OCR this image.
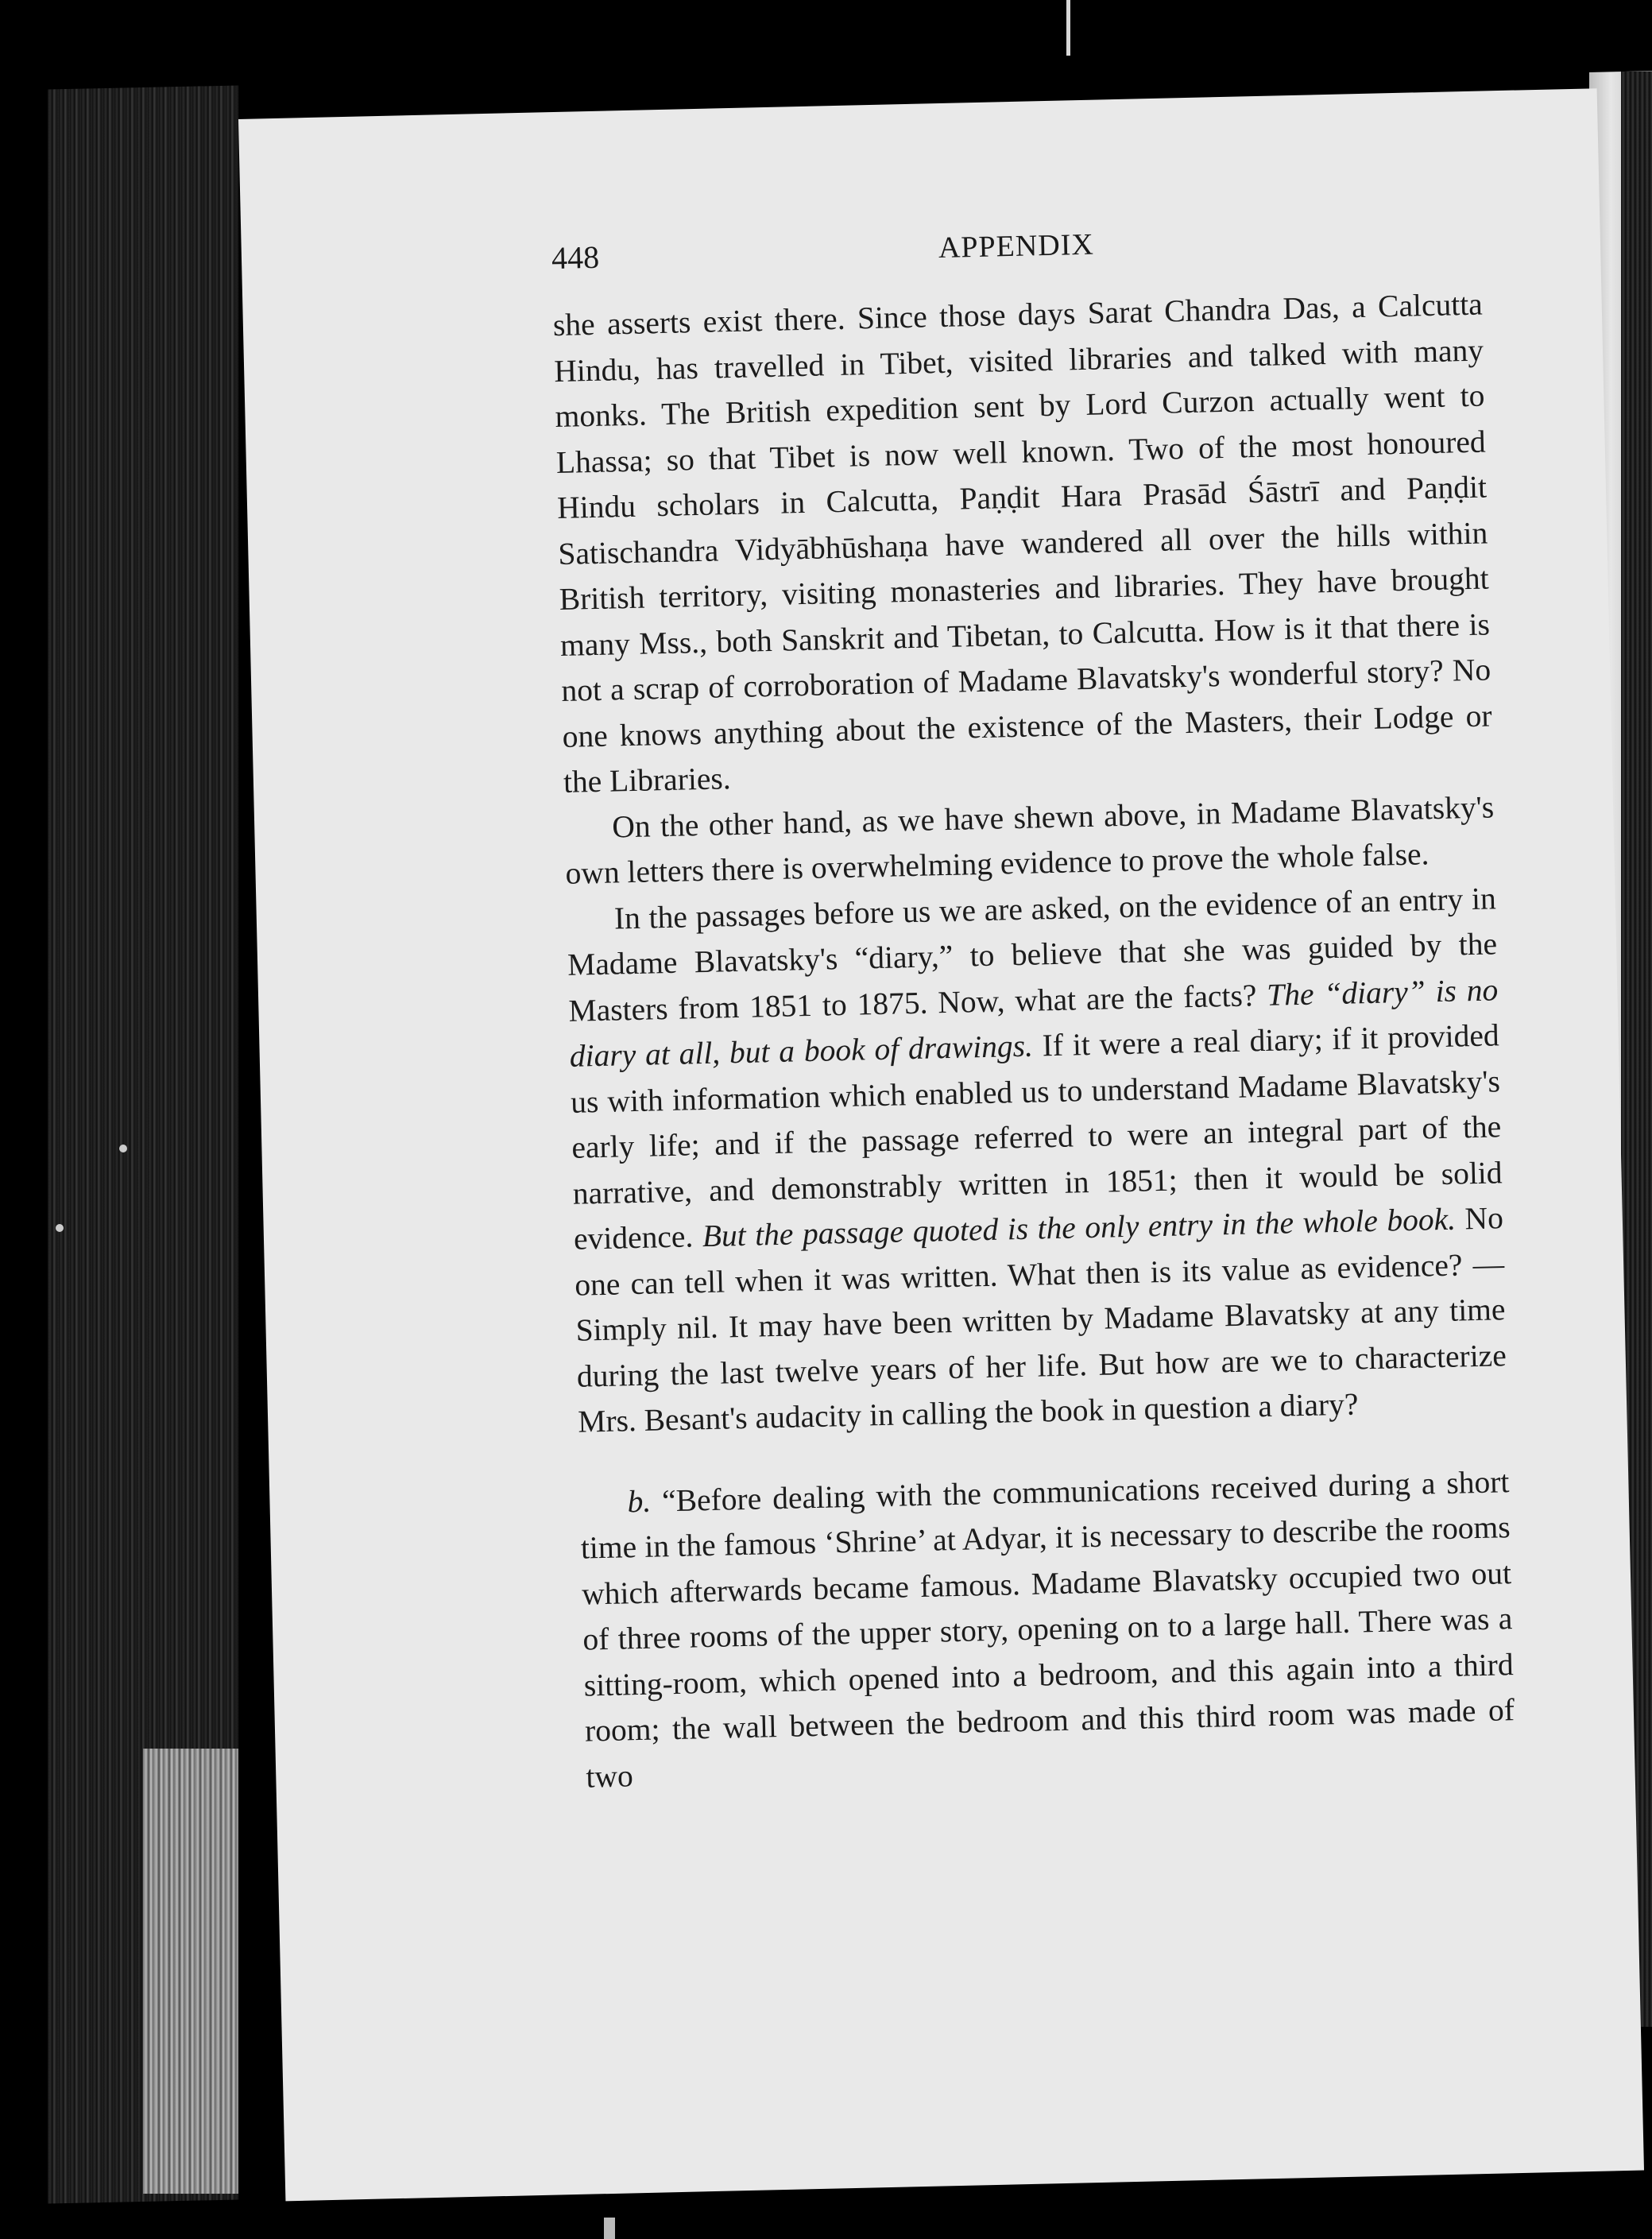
448	APPENDIX

she asserts exist there. Since those days Sarat Chandra Das, a Calcutta Hindu, has travelled in Tibet, visited libraries and talked with many monks. The British expedition sent by Lord Curzon actually went to Lhassa; so that Tibet is now well known. Two of the most honoured Hindu scholars in Calcutta, Paṇḍit Hara Prasād Śāstrī and Paṇḍit Satischandra Vidyābhūshaṇa have wandered all over the hills within British territory, visiting monasteries and libraries. They have brought many Mss., both Sanskrit and Tibetan, to Calcutta. How is it that there is not a scrap of corroboration of Madame Blavatsky's wonderful story? No one knows anything about the existence of the Masters, their Lodge or the Libraries.

On the other hand, as we have shewn above, in Madame Blavatsky's own letters there is overwhelming evidence to prove the whole false.

In the passages before us we are asked, on the evidence of an entry in Madame Blavatsky's “diary,” to believe that she was guided by the Masters from 1851 to 1875. Now, what are the facts? The “diary” is no diary at all, but a book of drawings. If it were a real diary; if it provided us with information which enabled us to understand Madame Blavatsky's early life; and if the passage referred to were an integral part of the narrative, and demonstrably written in 1851; then it would be solid evidence. But the passage quoted is the only entry in the whole book. No one can tell when it was written. What then is its value as evidence? — Simply nil. It may have been written by Madame Blavatsky at any time during the last twelve years of her life. But how are we to characterize Mrs. Besant's audacity in calling the book in question a diary?

b. “Before dealing with the communications received during a short time in the famous ‘Shrine’ at Adyar, it is necessary to describe the rooms which afterwards became famous. Madame Blavatsky occupied two out of three rooms of the upper story, opening on to a large hall. There was a sitting-room, which opened into a bedroom, and this again into a third room; the wall between the bedroom and this third room was made of two
